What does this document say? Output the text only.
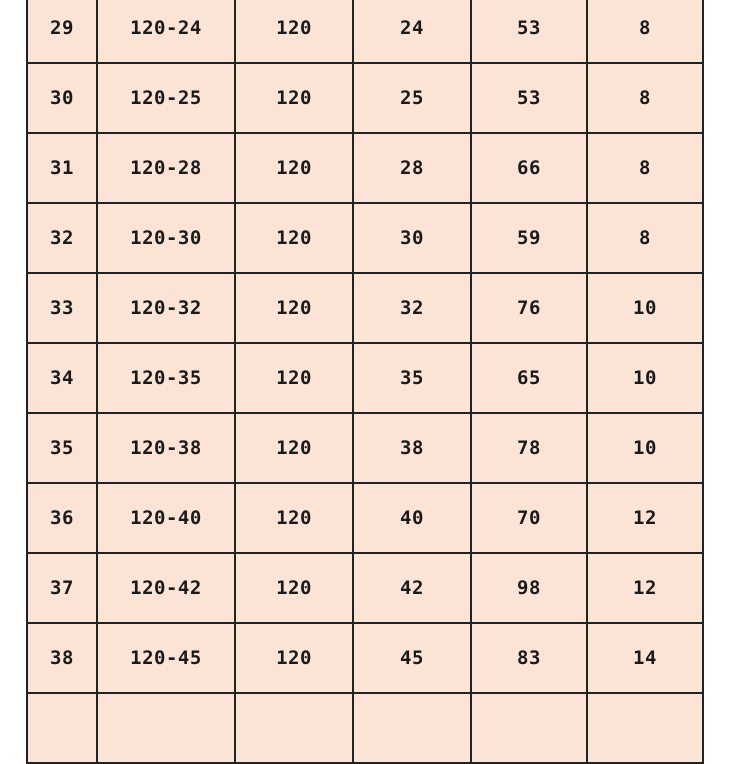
29	120-24	120	24	53	8
30	120-25	120	25	53	8
31	120-28	120	28	66	8
32	120-30	120	30	59	8
33	120-32	120	32	76	10
34	120-35	120	35	65	10
35	120-38	120	38	78	10
36	120-40	120	40	70	12
37	120-42	120	42	98	12
38	120-45	120	45	83	14
